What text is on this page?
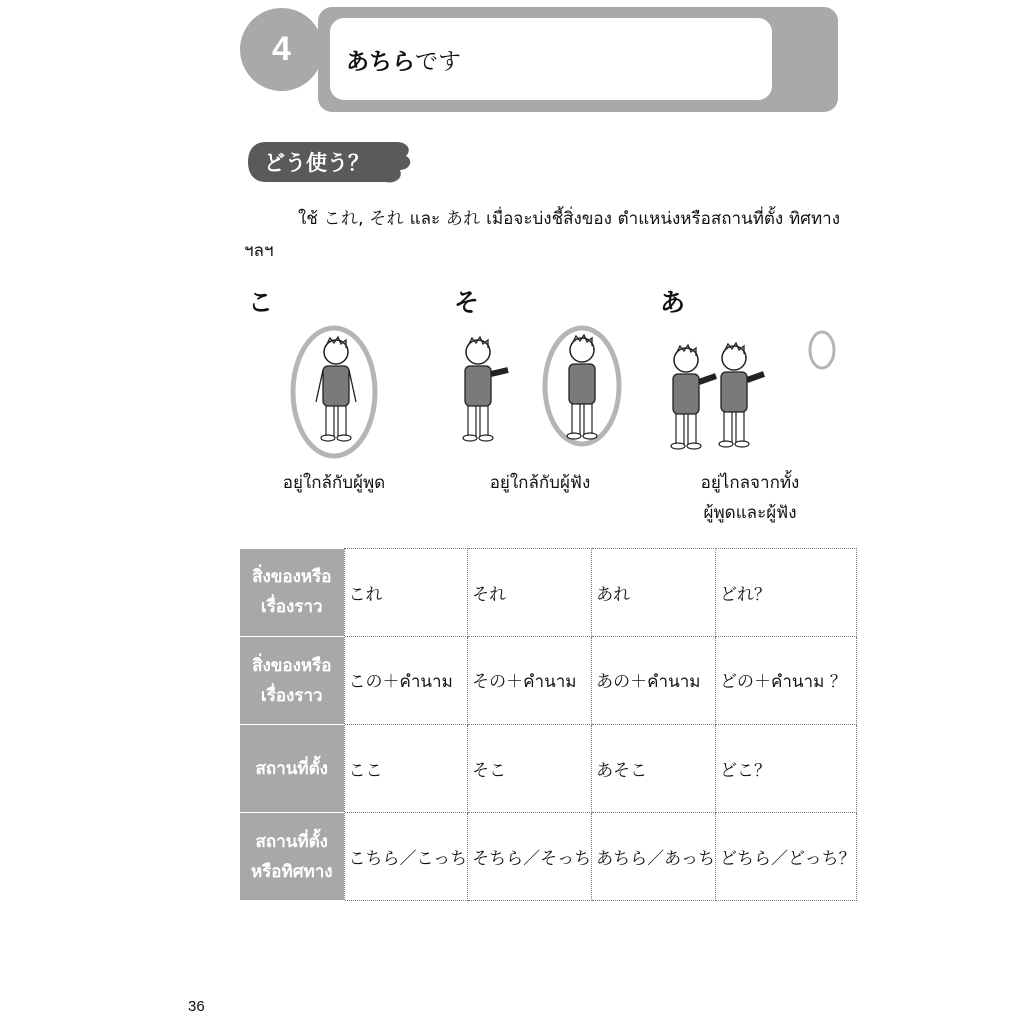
4	あちら です
どう使う？
ใช้ これ, それ และ あれ เมื่อจะบ่งชี้สิ่งของ ตำแหน่งหรือสถานที่ตั้ง ทิศทาง ฯลฯ
こ	そ	あ
อยู่ใกล้กับผู้พูด	อยู่ใกล้กับผู้ฟัง	อยู่ไกลจากทั้ง
ผู้พูดและผู้ฟัง
สิ่งของหรือ
เรื่องราว	これ	それ	あれ	どれ？

สิ่งของหรือ
เรื่องราว	この＋คำนาม	その＋คำนาม	あの＋คำนาม	どの＋คำนาม ？

สถานที่ตั้ง	ここ	そこ	あそこ	どこ？

สถานที่ตั้ง
หรือทิศทาง	こちら／こっち	そちら／そっち	あちら／あっち	どちら／どっち？
36
